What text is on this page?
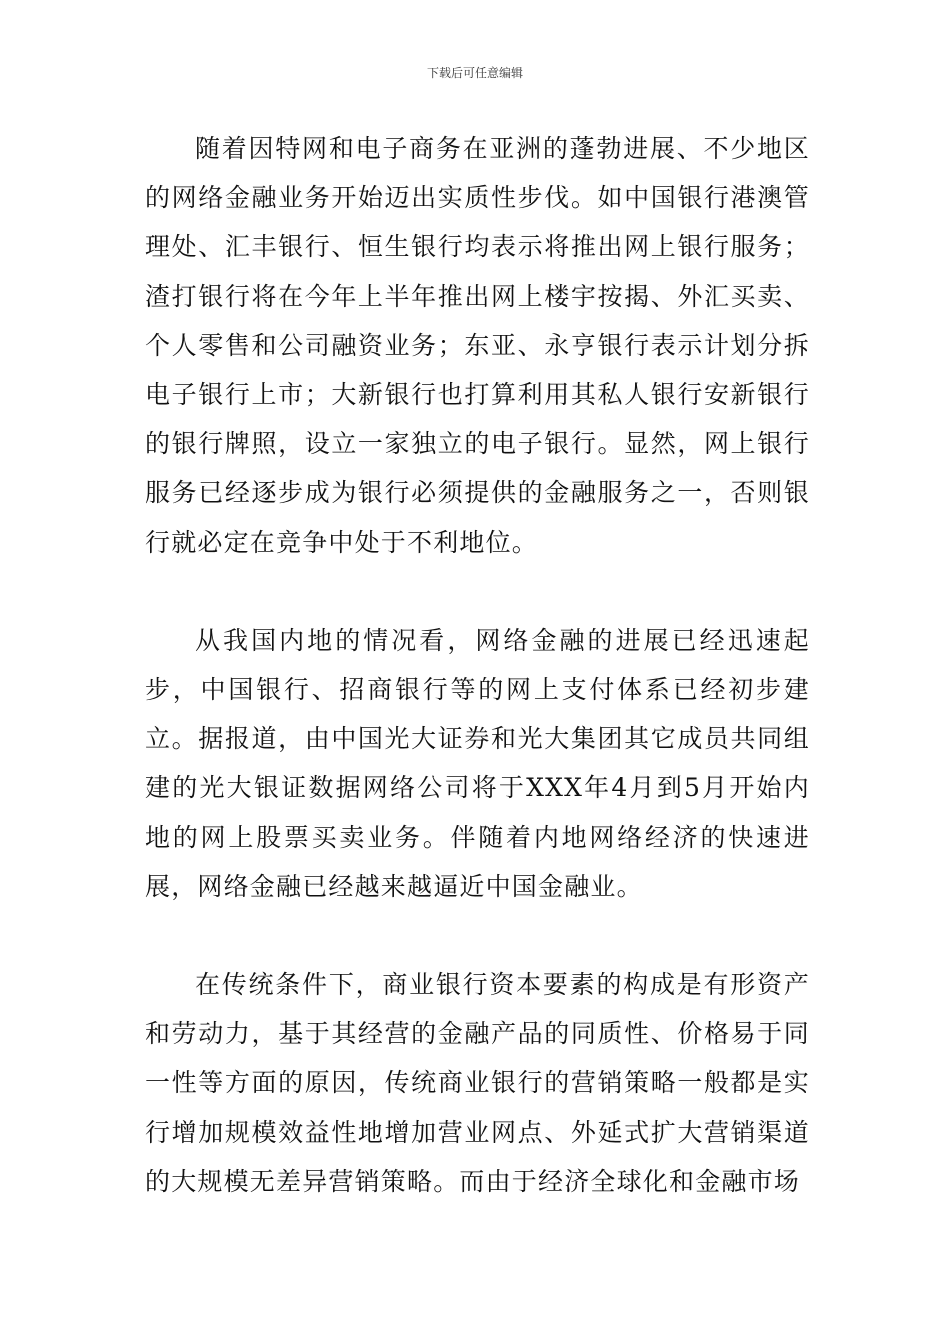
下载后可任意编辑

随着因特网和电子商务在亚洲的蓬勃进展、不少地区的网络金融业务开始迈出实质性步伐。如中国银行港澳管理处、汇丰银行、恒生银行均表示将推出网上银行服务；渣打银行将在今年上半年推出网上楼宇按揭、外汇买卖、个人零售和公司融资业务；东亚、永亨银行表示计划分拆电子银行上市；大新银行也打算利用其私人银行安新银行的银行牌照，设立一家独立的电子银行。显然，网上银行服务已经逐步成为银行必须提供的金融服务之一，否则银行就必定在竞争中处于不利地位。

从我国内地的情况看，网络金融的进展已经迅速起步，中国银行、招商银行等的网上支付体系已经初步建立。据报道，由中国光大证券和光大集团其它成员共同组建的光大银证数据网络公司将于XXX年4月到5月开始内地的网上股票买卖业务。伴随着内地网络经济的快速进展，网络金融已经越来越逼近中国金融业。

在传统条件下，商业银行资本要素的构成是有形资产和劳动力，基于其经营的金融产品的同质性、价格易于同一性等方面的原因，传统商业银行的营销策略一般都是实行增加规模效益性地增加营业网点、外延式扩大营销渠道的大规模无差异营销策略。而由于经济全球化和金融市场
